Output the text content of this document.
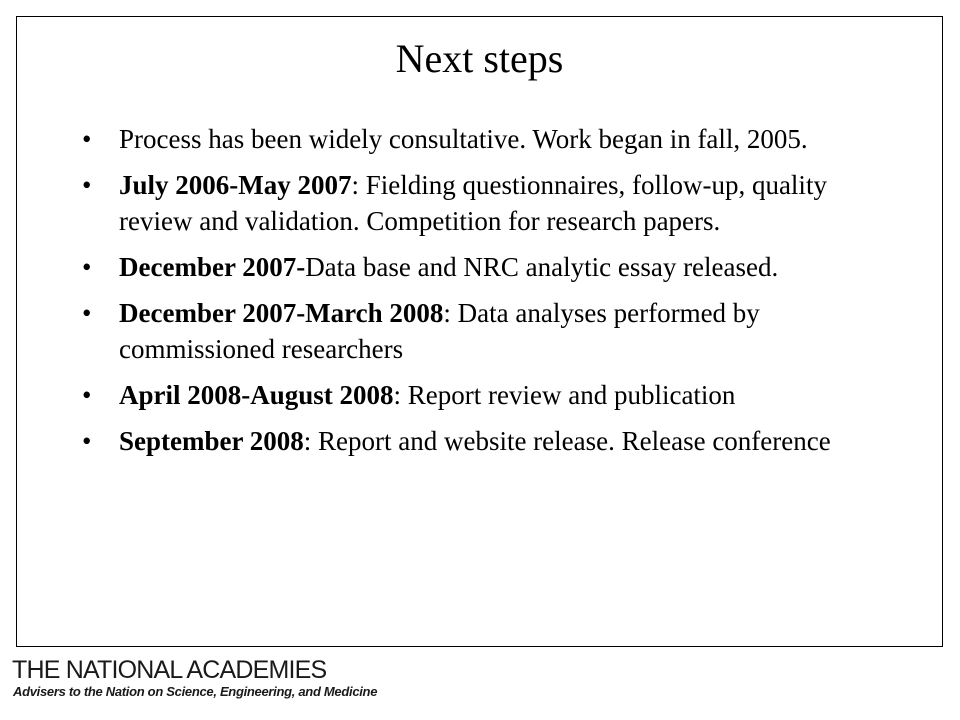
Next steps
• Process has been widely consultative. Work began in fall, 2005.
• July 2006-May 2007: Fielding questionnaires, follow-up, quality review and validation. Competition for research papers.
• December 2007-Data base and NRC analytic essay released.
• December 2007-March 2008: Data analyses performed by commissioned researchers
• April 2008-August 2008: Report review and publication
• September 2008: Report and website release. Release conference
THE NATIONAL ACADEMIES
Advisers to the Nation on Science, Engineering, and Medicine
